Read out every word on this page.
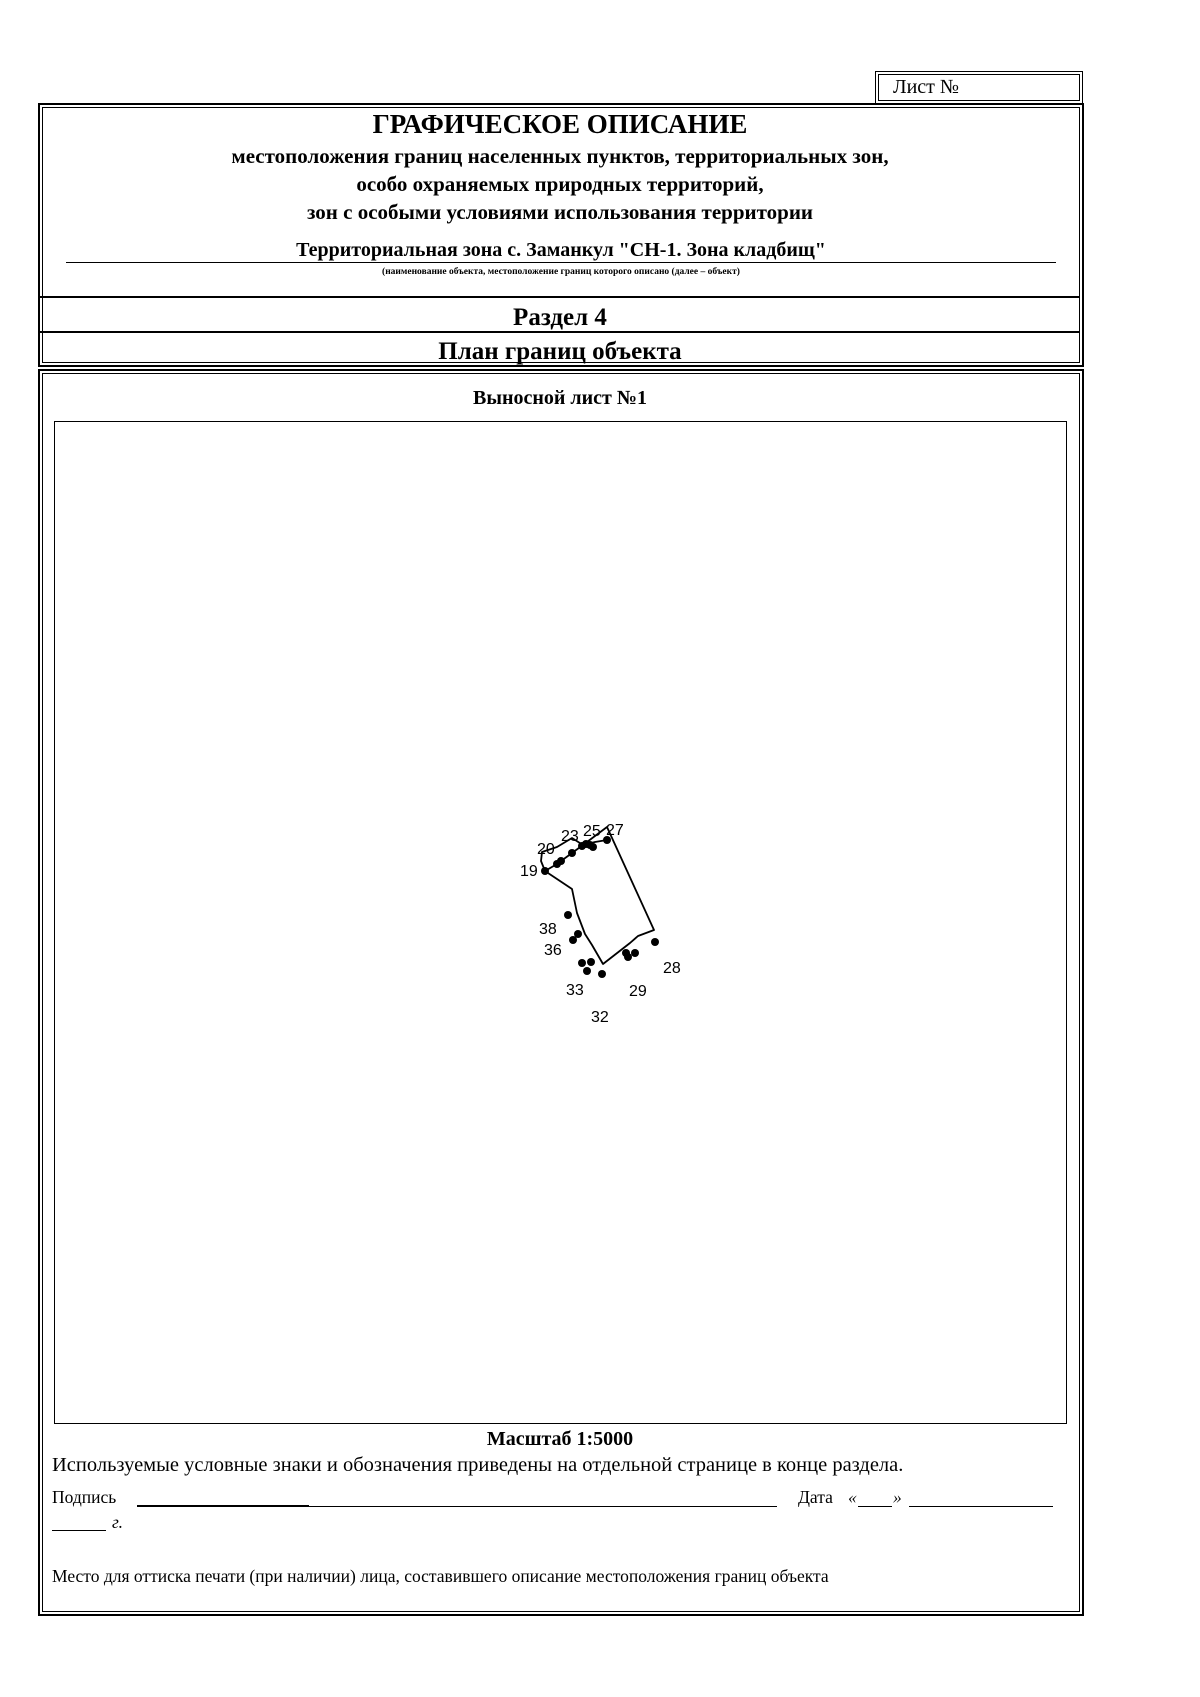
Лист №
ГРАФИЧЕСКОЕ ОПИСАНИЕ
местоположения границ населенных пунктов, территориальных зон,
особо охраняемых природных территорий,
зон с особыми условиями использования территории
Территориальная зона с. Заманкул "СН-1. Зона кладбищ"
(наименование объекта, местоположение границ которого описано (далее – объект)
Раздел 4
План границ объекта
Выносной лист №1
19
20
23 25 27
28
29
32
33
36
38
Масштаб 1:5000
Используемые условные знаки и обозначения приведены на отдельной странице в конце раздела.
Подпись	Дата « »
г.
Место для оттиска печати (при наличии) лица, составившего описание местоположения границ объекта
